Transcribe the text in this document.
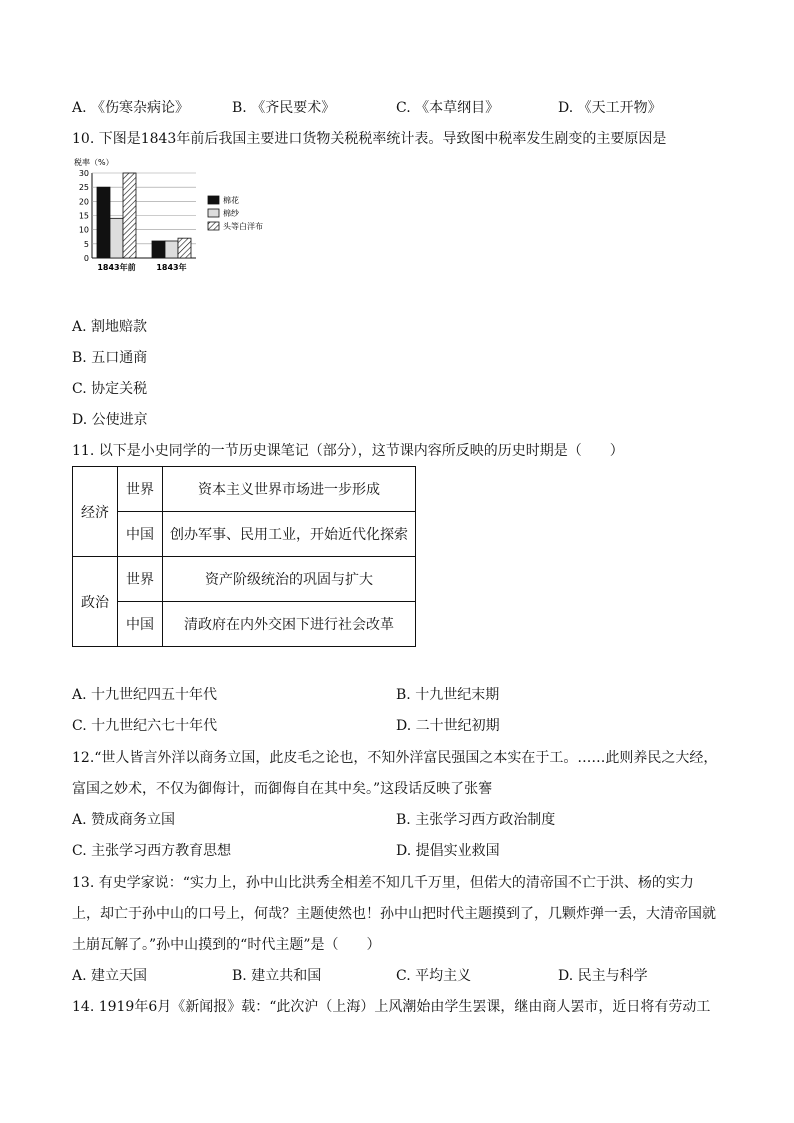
A. 《伤寒杂病论》	B. 《齐民要术》	C. 《本草纲目》	D. 《天工开物》
10. 下图是1843年前后我国主要进口货物关税税率统计表。导致图中税率发生剧变的主要原因是
税率（%）
0
5
10
15
20
25
30
1843年前	1843年
棉花
棉纱
头等白洋布
A. 割地赔款
B. 五口通商
C. 协定关税
D. 公使进京
11. 以下是小史同学的一节历史课笔记（部分），这节课内容所反映的历史时期是（　　）
经济	世界	资本主义世界市场进一步形成
	中国	创办军事、民用工业，开始近代化探索
政治	世界	资产阶级统治的巩固与扩大
	中国	清政府在内外交困下进行社会改革
A. 十九世纪四五十年代	B. 十九世纪末期
C. 十九世纪六七十年代	D. 二十世纪初期
12.“世人皆言外洋以商务立国，此皮毛之论也，不知外洋富民强国之本实在于工。……此则养民之大经，
富国之妙术，不仅为御侮计，而御侮自在其中矣。”这段话反映了张謇
A. 赞成商务立国	B. 主张学习西方政治制度
C. 主张学习西方教育思想	D. 提倡实业救国
13. 有史学家说：“实力上，孙中山比洪秀全相差不知几千万里，但偌大的清帝国不亡于洪、杨的实力
上，却亡于孙中山的口号上，何哉？主题使然也！孙中山把时代主题摸到了，几颗炸弹一丢，大清帝国就
土崩瓦解了。”孙中山摸到的“时代主题”是（　　）
A. 建立天国	B. 建立共和国	C. 平均主义	D. 民主与科学
14. 1919年6月《新闻报》载：“此次沪（上海）上风潮始由学生罢课，继由商人罢市，近日将有劳动工
